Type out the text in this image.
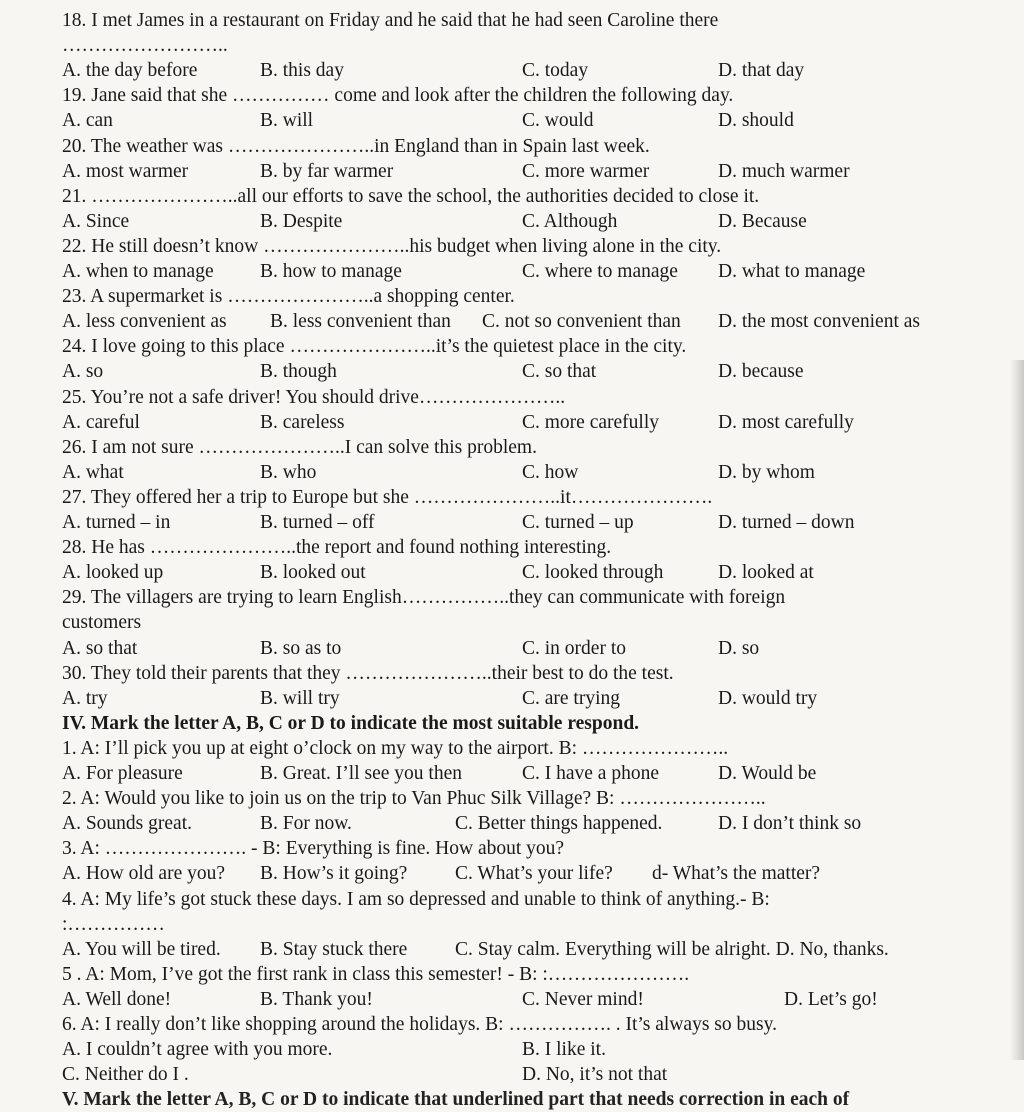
18. I met James in a restaurant on Friday and he said that he had seen Caroline there
……………………..
A. the day before	B. this day	C. today	D. that day
19. Jane said that she …………… come and look after the children the following day.
A. can	B. will	C. would	D. should
20. The weather was …………………..in England than in Spain last week.
A. most warmer	B. by far warmer	C. more warmer	D. much warmer
21. …………………..all our efforts to save the school, the authorities decided to close it.
A. Since	B. Despite	C. Although	D. Because
22. He still doesn’t know …………………..his budget when living alone in the city.
A. when to manage B. how to manage	C. where to manage D. what to manage
23. A supermarket is …………………..a shopping center.
A. less convenient as B. less convenient than C. not so convenient than D. the most convenient as
24. I love going to this place …………………..it’s the quietest place in the city.
A. so	B. though	C. so that	D. because
25. You’re not a safe driver! You should drive…………………..
A. careful	B. careless	C. more carefully	D. most carefully
26. I am not sure …………………..I can solve this problem.
A. what	B. who	C. how	D. by whom
27. They offered her a trip to Europe but she …………………..it………………….
A. turned – in	B. turned – off	C. turned – up	D. turned – down
28. He has …………………..the report and found nothing interesting.
A. looked up	B. looked out	C. looked through	D. looked at
29. The villagers are trying to learn English……………..they can communicate with foreign
customers
A. so that	B. so as to	C. in order to	D. so
30. They told their parents that they …………………..their best to do the test.
A. try	B. will try	C. are trying	D. would try
IV. Mark the letter A, B, C or D to indicate the most suitable respond.
1. A: I’ll pick you up at eight o’clock on my way to the airport. B: …………………..
A. For pleasure	B. Great. I’ll see you then	C. I have a phone	D. Would be
2. A: Would you like to join us on the trip to Van Phuc Silk Village? B: …………………..
A. Sounds great.	B. For now.	C. Better things happened.	D. I don’t think so
3. A: …………………. - B: Everything is fine. How about you?
A. How old are you? B. How’s it going? C. What’s your life? d- What’s the matter?
4. A: My life’s got stuck these days. I am so depressed and unable to think of anything.- B:
:……………
A. You will be tired. B. Stay stuck there C. Stay calm. Everything will be alright. D. No, thanks.
5 . A: Mom, I’ve got the first rank in class this semester! - B: :………………….
A. Well done!	B. Thank you!	C. Never mind!	D. Let’s go!
6. A: I really don’t like shopping around the holidays. B: ……………. . It’s always so busy.
A. I couldn’t agree with you more.	B. I like it.
C. Neither do I .	D. No, it’s not that
V. Mark the letter A, B, C or D to indicate that underlined part that needs correction in each of
